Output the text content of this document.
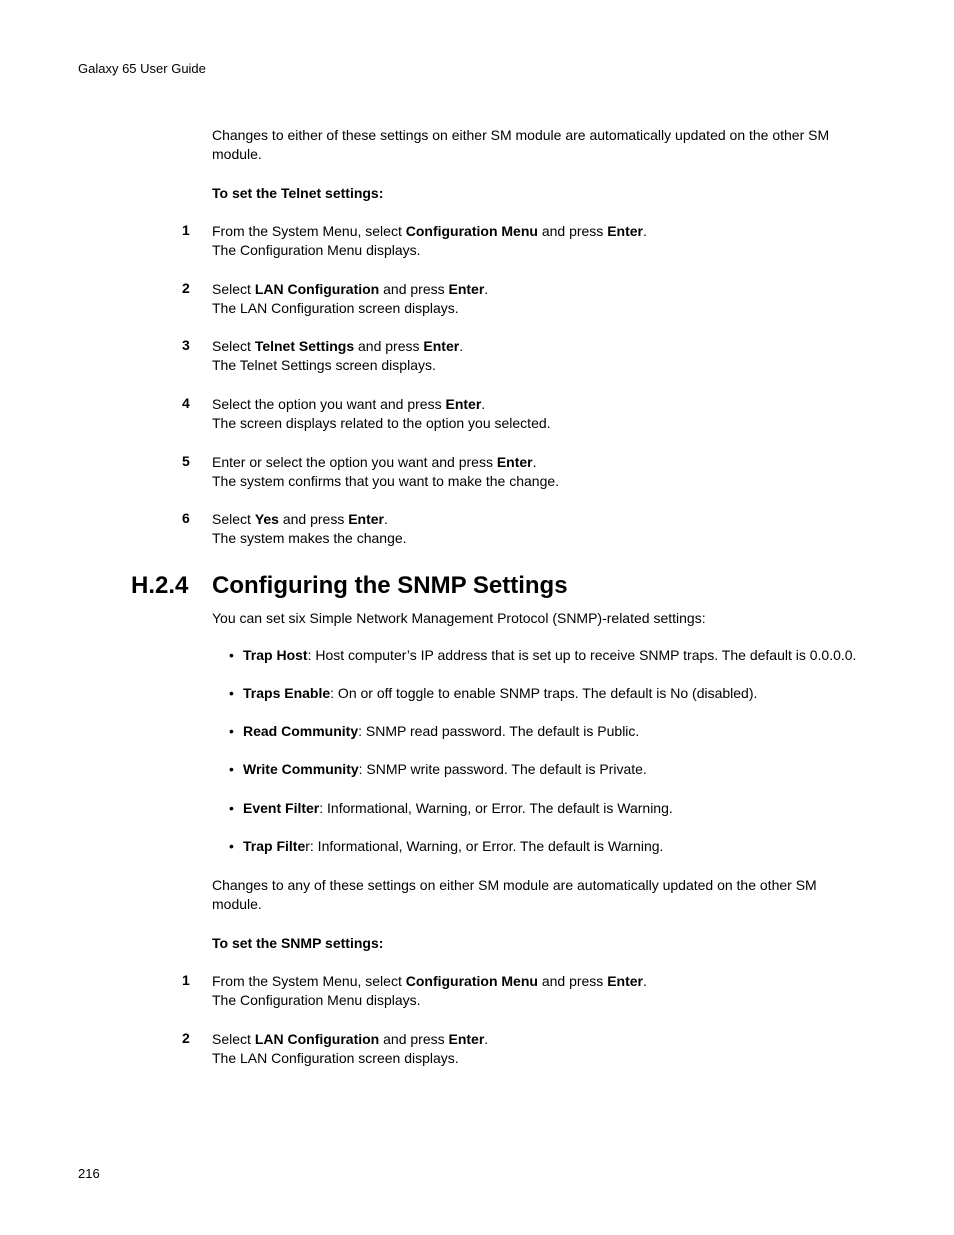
Galaxy 65 User Guide
Changes to either of these settings on either SM module are automatically updated on the other SM module.
To set the Telnet settings:
1 From the System Menu, select Configuration Menu and press Enter.
The Configuration Menu displays.
2 Select LAN Configuration and press Enter.
The LAN Configuration screen displays.
3 Select Telnet Settings and press Enter.
The Telnet Settings screen displays.
4 Select the option you want and press Enter.
The screen displays related to the option you selected.
5 Enter or select the option you want and press Enter.
The system confirms that you want to make the change.
6 Select Yes and press Enter.
The system makes the change.
H.2.4 Configuring the SNMP Settings
You can set six Simple Network Management Protocol (SNMP)-related settings:
• Trap Host: Host computer’s IP address that is set up to receive SNMP traps. The default is 0.0.0.0.
• Traps Enable: On or off toggle to enable SNMP traps. The default is No (disabled).
• Read Community: SNMP read password. The default is Public.
• Write Community: SNMP write password. The default is Private.
• Event Filter: Informational, Warning, or Error. The default is Warning.
• Trap Filter: Informational, Warning, or Error. The default is Warning.
Changes to any of these settings on either SM module are automatically updated on the other SM module.
To set the SNMP settings:
1 From the System Menu, select Configuration Menu and press Enter.
The Configuration Menu displays.
2 Select LAN Configuration and press Enter.
The LAN Configuration screen displays.
216
